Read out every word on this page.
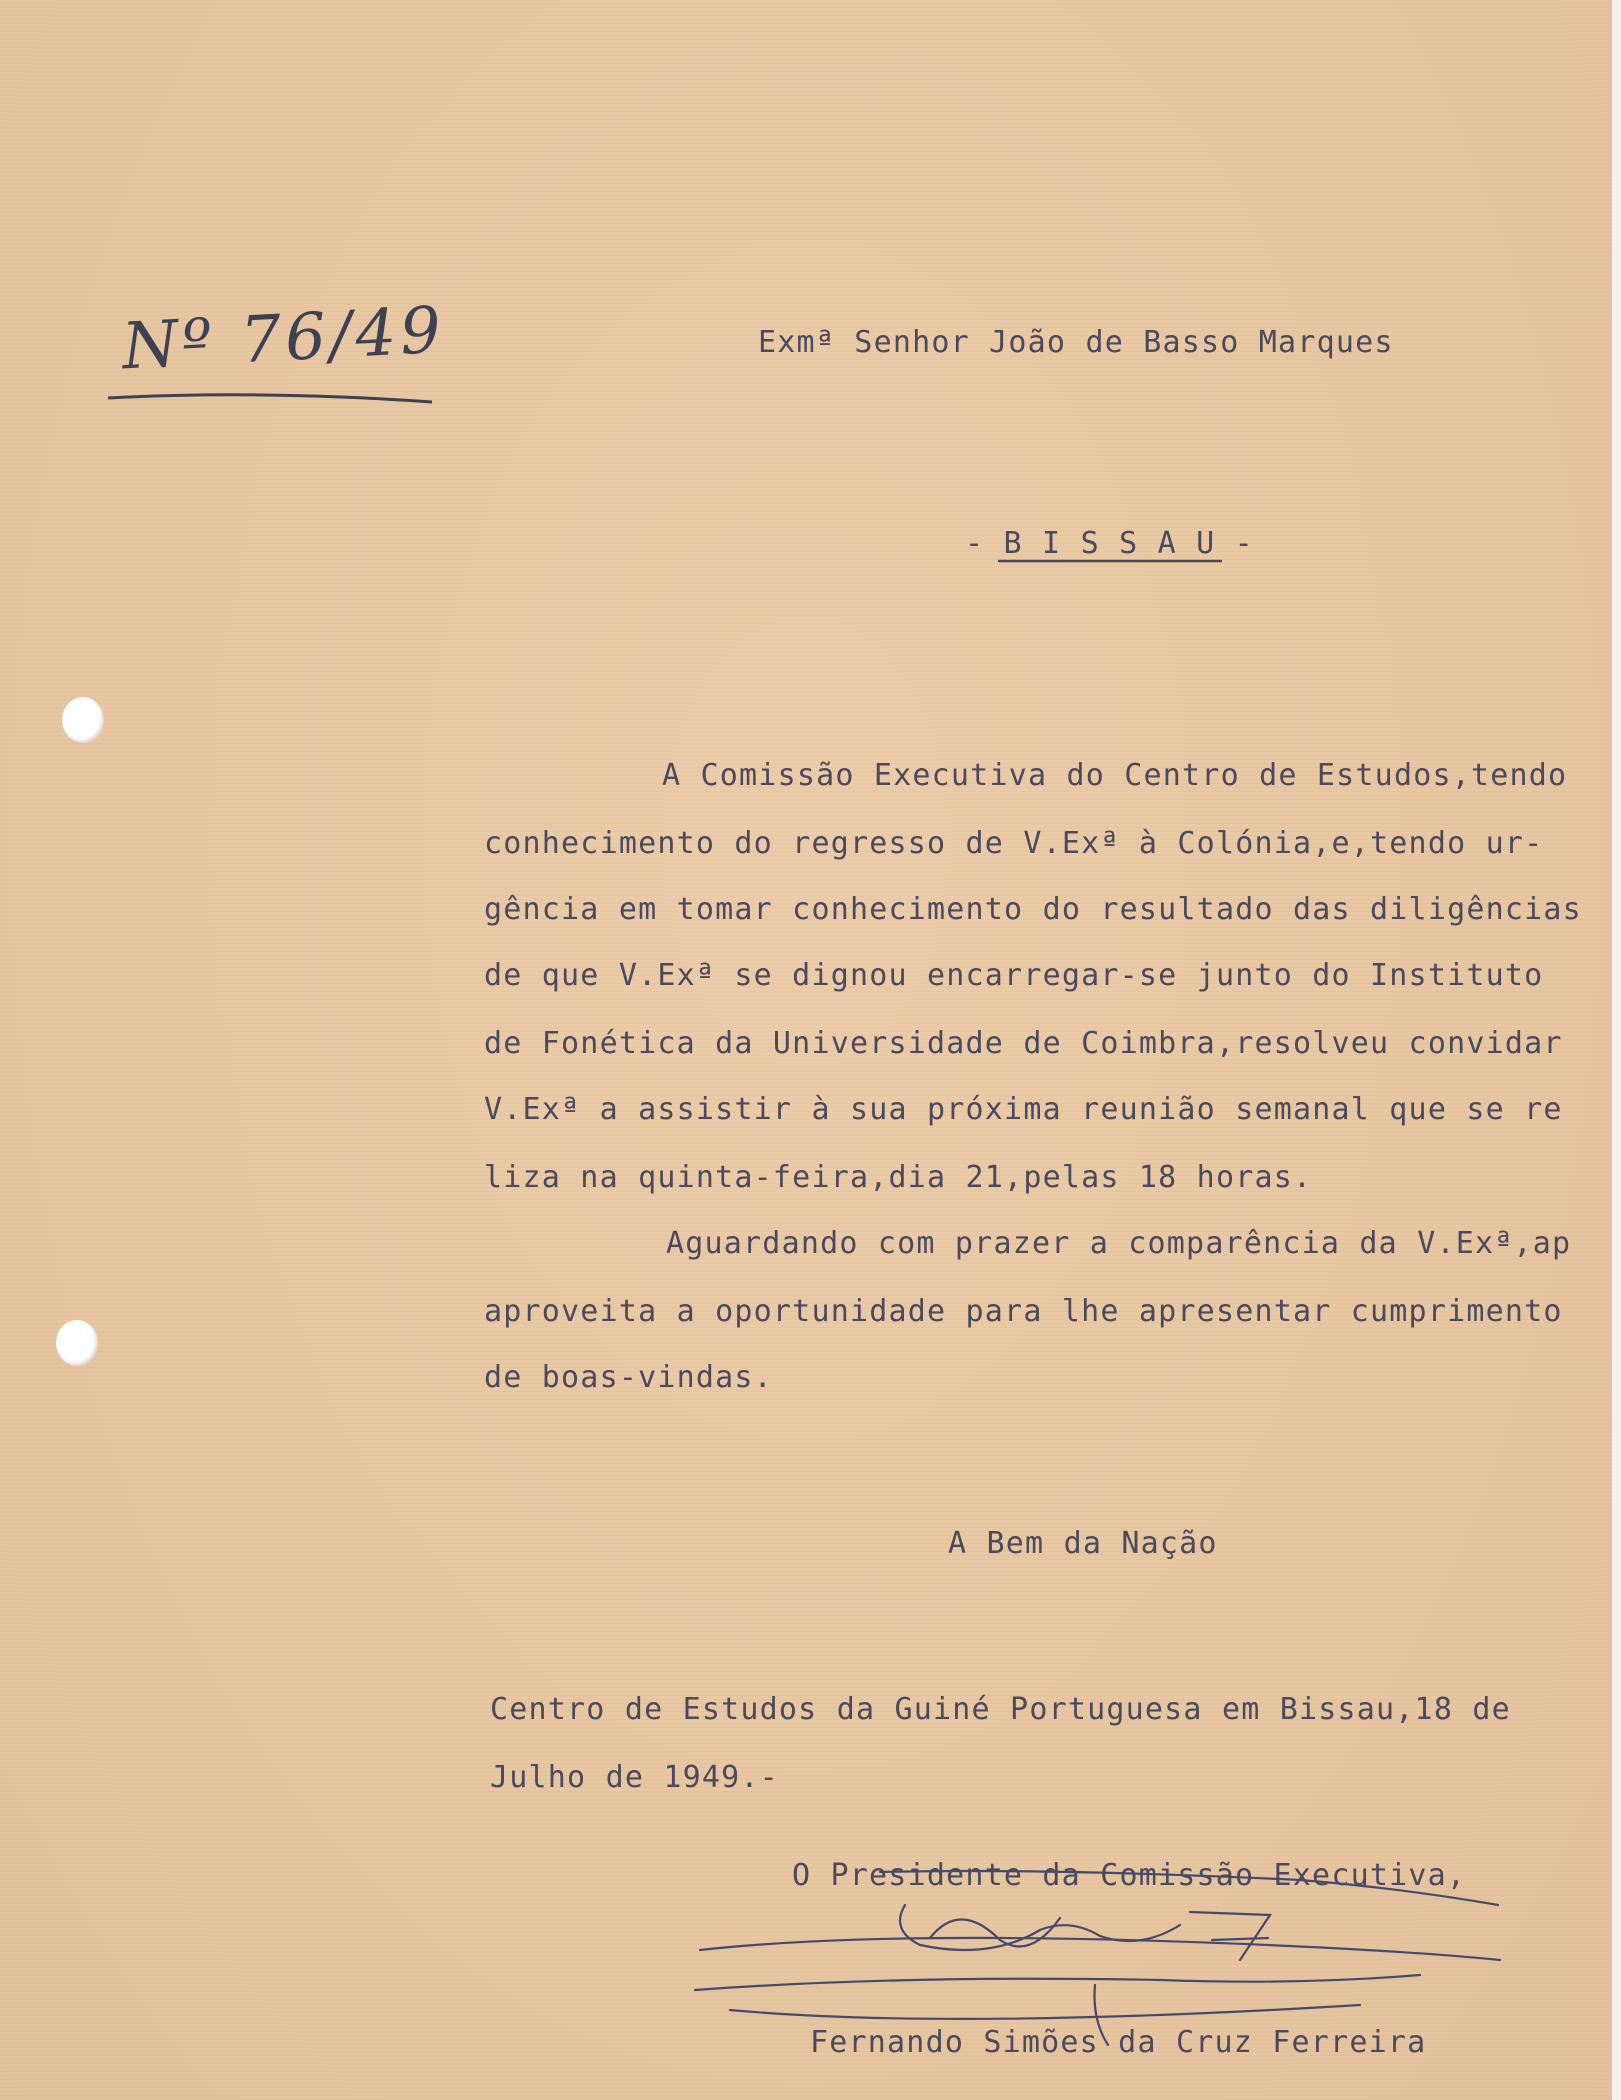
Nº 76/49	Exmª Senhor João de Basso Marques
- B I S S A U -
A Comissão Executiva do Centro de Estudos,tendo
conhecimento do regresso de V.Exª à Colónia,e,tendo ur-
gência em tomar conhecimento do resultado das diligências
de que V.Exª se dignou encarregar-se junto do Instituto
de Fonética da Universidade de Coimbra,resolveu convidar
V.Exª a assistir à sua próxima reunião semanal que se re
liza na quinta-feira,dia 21,pelas 18 horas.
Aguardando com prazer a comparência da V.Exª,ap
aproveita a oportunidade para lhe apresentar cumprimento
de boas-vindas.
A Bem da Nação
Centro de Estudos da Guiné Portuguesa em Bissau,18 de
Julho de 1949.-
O Presidente da Comissão Executiva,
Fernando Simões da Cruz Ferreira
